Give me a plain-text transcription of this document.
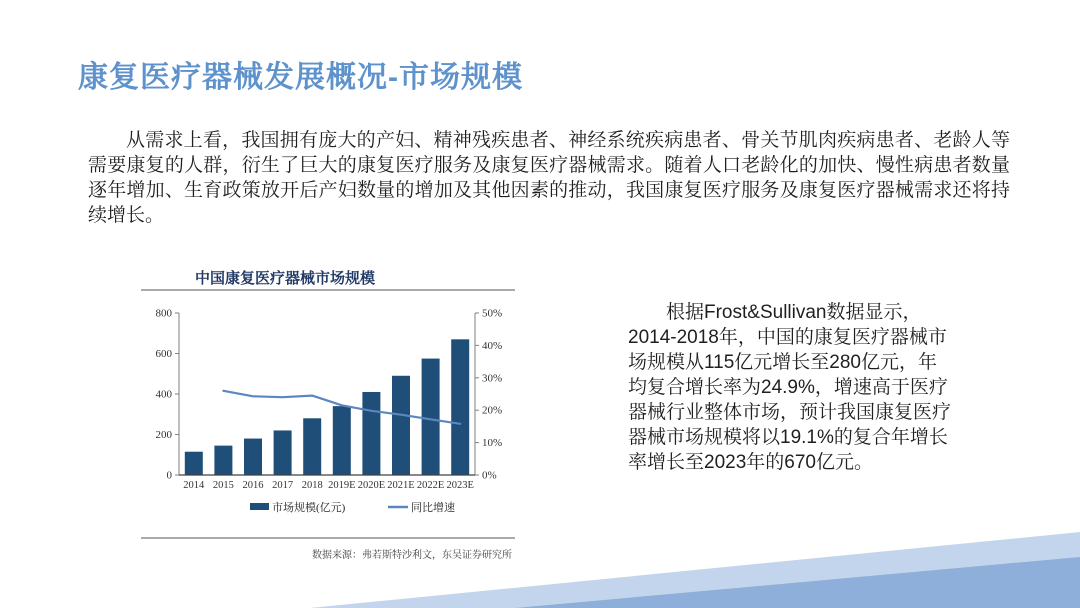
康复医疗器械发展概况-市场规模

从需求上看，我国拥有庞大的产妇、精神残疾患者、神经系统疾病患者、骨关节肌肉疾病患者、老龄人等需要康复的人群，衍生了巨大的康复医疗服务及康复医疗器械需求。随着人口老龄化的加快、慢性病患者数量逐年增加、生育政策放开后产妇数量的增加及其他因素的推动，我国康复医疗服务及康复医疗器械需求还将持续增长。

中国康复医疗器械市场规模
0
200
400
600
800
0%
10%
20%
30%
40%
50%
2014 2015 2016 2017 2018 2019E 2020E 2021E 2022E 2023E
市场规模(亿元)	同比增速
数据来源：弗若斯特沙利文，东吴证券研究所

根据Frost&Sullivan数据显示，2014-2018年，中国的康复医疗器械市场规模从115亿元增长至280亿元，年均复合增长率为24.9%，增速高于医疗器械行业整体市场，预计我国康复医疗器械市场规模将以19.1%的复合年增长率增长至2023年的670亿元。
